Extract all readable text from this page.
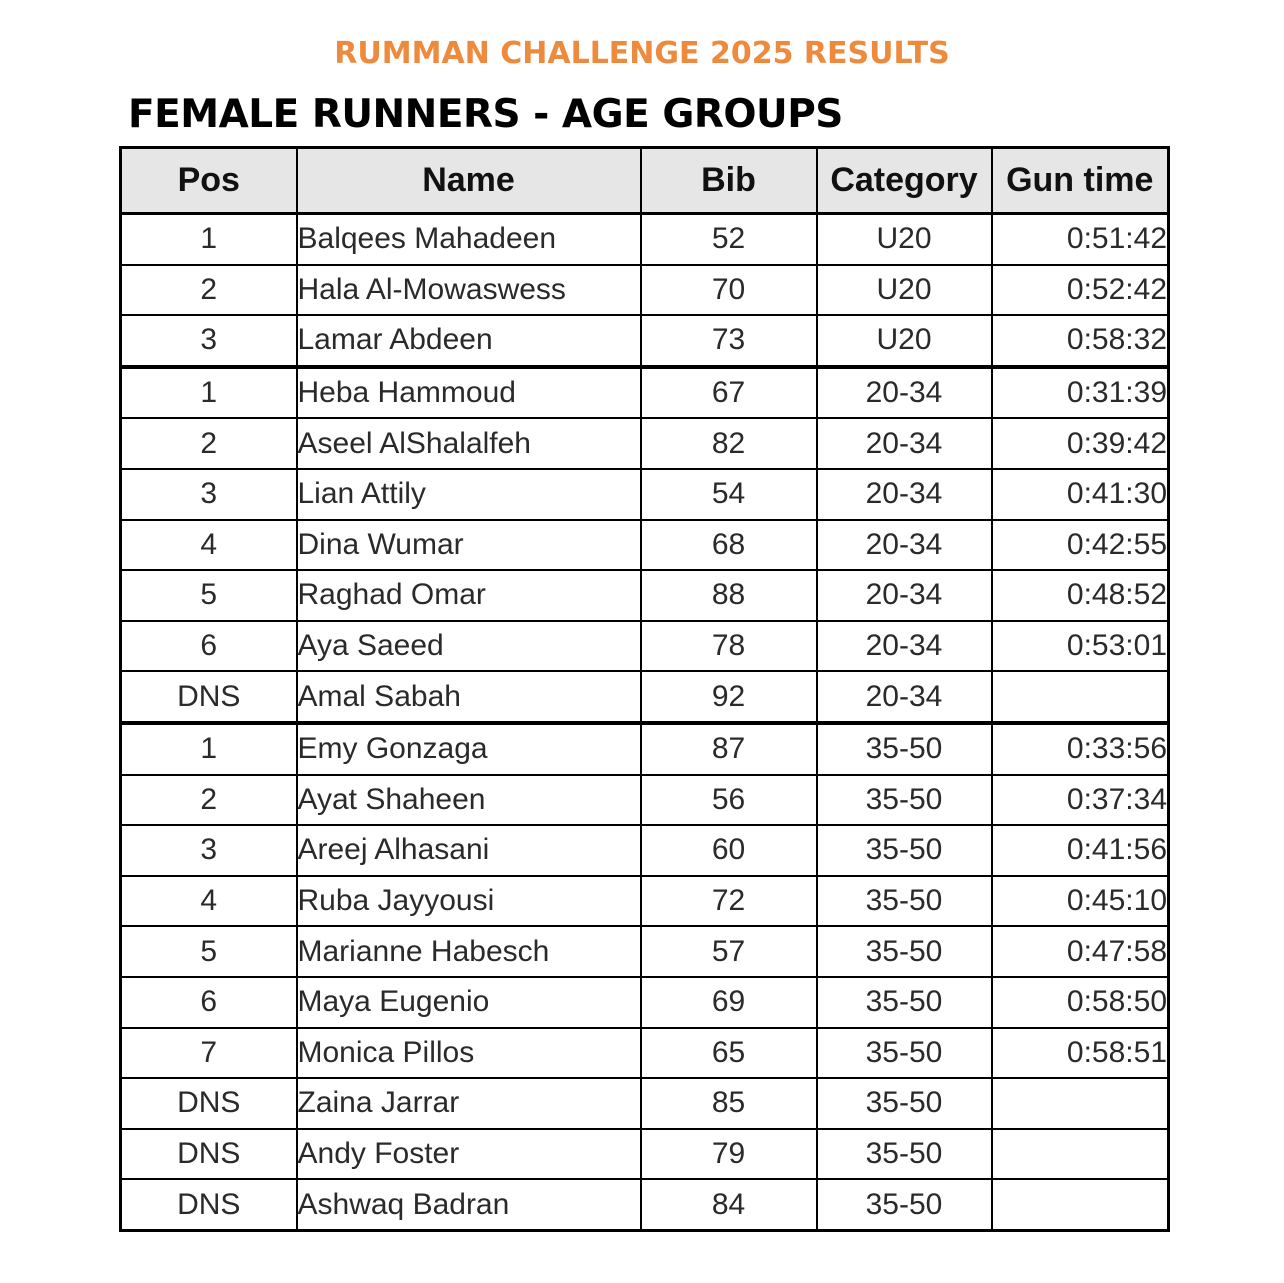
RUMMAN CHALLENGE 2025 RESULTS
FEMALE RUNNERS - AGE GROUPS
Pos	Name	Bib	Category	Gun time
1	Balqees Mahadeen	52	U20	0:51:42
2	Hala Al-Mowaswess	70	U20	0:52:42
3	Lamar Abdeen	73	U20	0:58:32
1	Heba Hammoud	67	20-34	0:31:39
2	Aseel AlShalalfeh	82	20-34	0:39:42
3	Lian Attily	54	20-34	0:41:30
4	Dina Wumar	68	20-34	0:42:55
5	Raghad Omar	88	20-34	0:48:52
6	Aya Saeed	78	20-34	0:53:01
DNS	Amal Sabah	92	20-34	
1	Emy Gonzaga	87	35-50	0:33:56
2	Ayat Shaheen	56	35-50	0:37:34
3	Areej Alhasani	60	35-50	0:41:56
4	Ruba Jayyousi	72	35-50	0:45:10
5	Marianne Habesch	57	35-50	0:47:58
6	Maya Eugenio	69	35-50	0:58:50
7	Monica Pillos	65	35-50	0:58:51
DNS	Zaina Jarrar	85	35-50	
DNS	Andy Foster	79	35-50	
DNS	Ashwaq Badran	84	35-50	
